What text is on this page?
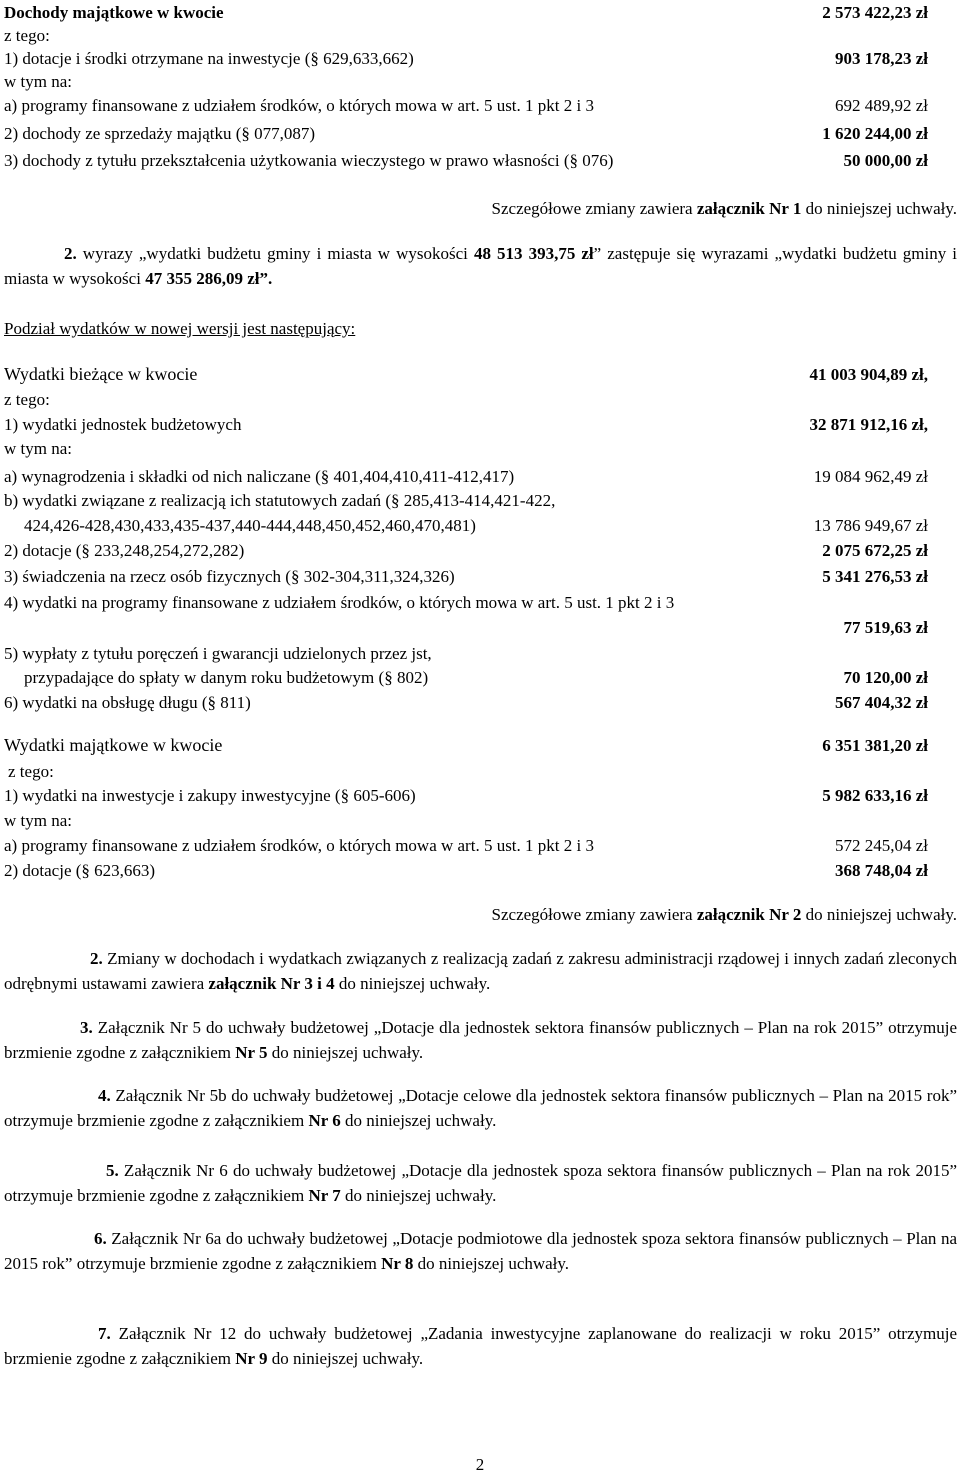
Dochody majątkowe w kwocie	2 573 422,23 zł
z tego:
1) dotacje i środki otrzymane na inwestycje (§ 629,633,662)	903 178,23 zł
w tym na:
a) programy finansowane z udziałem środków, o których mowa w art. 5 ust. 1 pkt 2 i 3	692 489,92 zł
2) dochody ze sprzedaży majątku (§ 077,087)	1 620 244,00 zł
3) dochody z tytułu przekształcenia użytkowania wieczystego w prawo własności (§ 076)	50 000,00 zł
Szczegółowe zmiany zawiera załącznik Nr 1 do niniejszej uchwały.
2. wyrazy „wydatki budżetu gminy i miasta w wysokości 48 513 393,75 zł” zastępuje się wyrazami „wydatki budżetu gminy i miasta w wysokości 47 355 286,09 zł”.
Podział wydatków w nowej wersji jest następujący:
Wydatki bieżące w kwocie	41 003 904,89 zł,
z tego:
1) wydatki jednostek budżetowych	32 871 912,16 zł,
w tym na:
a) wynagrodzenia i składki od nich naliczane (§ 401,404,410,411-412,417)	19 084 962,49 zł
b) wydatki związane z realizacją ich statutowych zadań (§ 285,413-414,421-422,
424,426-428,430,433,435-437,440-444,448,450,452,460,470,481)	13 786 949,67 zł
2) dotacje (§ 233,248,254,272,282)	2 075 672,25 zł
3) świadczenia na rzecz osób fizycznych (§ 302-304,311,324,326)	5 341 276,53 zł
4) wydatki na programy finansowane z udziałem środków, o których mowa w art. 5 ust. 1 pkt 2 i 3
77 519,63 zł
5) wypłaty z tytułu poręczeń i gwarancji udzielonych przez jst,
przypadające do spłaty w danym roku budżetowym (§ 802)	70 120,00 zł
6) wydatki na obsługę długu (§ 811)	567 404,32 zł
Wydatki majątkowe w kwocie	6 351 381,20 zł
z tego:
1) wydatki na inwestycje i zakupy inwestycyjne (§ 605-606)	5 982 633,16 zł
w tym na:
a) programy finansowane z udziałem środków, o których mowa w art. 5 ust. 1 pkt 2 i 3	572 245,04 zł
2) dotacje (§ 623,663)	368 748,04 zł
Szczegółowe zmiany zawiera załącznik Nr 2 do niniejszej uchwały.
2. Zmiany w dochodach i wydatkach związanych z realizacją zadań z zakresu administracji rządowej i innych zadań zleconych odrębnymi ustawami zawiera załącznik Nr 3 i 4 do niniejszej uchwały.
3. Załącznik Nr 5 do uchwały budżetowej „Dotacje dla jednostek sektora finansów publicznych – Plan na rok 2015” otrzymuje brzmienie zgodne z załącznikiem Nr 5 do niniejszej uchwały.
4. Załącznik Nr 5b do uchwały budżetowej „Dotacje celowe dla jednostek sektora finansów publicznych – Plan na 2015 rok” otrzymuje brzmienie zgodne z załącznikiem Nr 6 do niniejszej uchwały.
5. Załącznik Nr 6 do uchwały budżetowej „Dotacje dla jednostek spoza sektora finansów publicznych – Plan na rok 2015” otrzymuje brzmienie zgodne z załącznikiem Nr 7 do niniejszej uchwały.
6. Załącznik Nr 6a do uchwały budżetowej „Dotacje podmiotowe dla jednostek spoza sektora finansów publicznych – Plan na 2015 rok” otrzymuje brzmienie zgodne z załącznikiem Nr 8 do niniejszej uchwały.
7. Załącznik Nr 12 do uchwały budżetowej „Zadania inwestycyjne zaplanowane do realizacji w roku 2015” otrzymuje brzmienie zgodne z załącznikiem Nr 9 do niniejszej uchwały.
2
